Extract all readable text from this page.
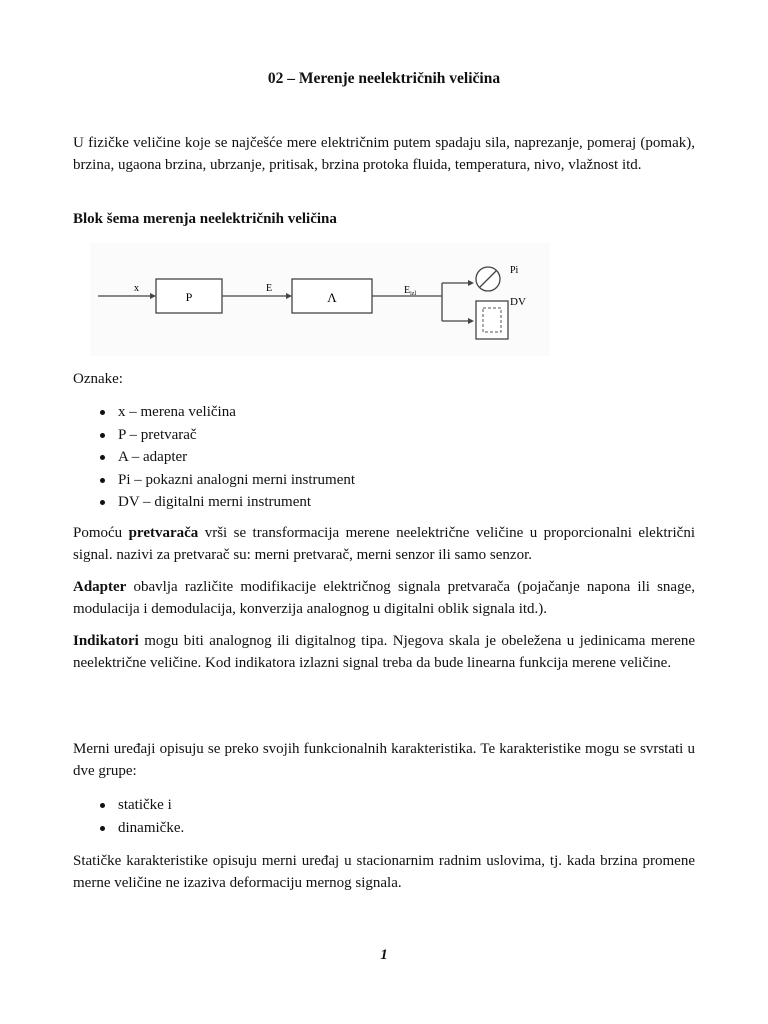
02 – Merenje neelektričnih veličina
U fizičke veličine koje se najčešće mere električnim putem spadaju sila, naprezanje, pomeraj (pomak), brzina, ugaona brzina, ubrzanje, pritisak, brzina protoka fluida, temperatura, nivo, vlažnost itd.
Blok šema merenja neelektričnih veličina
x
P
E
Λ	$E_{izl}$
Pi
DV
Oznake:
x – merena veličina
P – pretvarač
A – adapter
Pi – pokazni analogni merni instrument
DV – digitalni merni instrument
Pomoću pretvarača vrši se transformacija merene neelektrične veličine u proporcionalni električni signal. nazivi za pretvarač su: merni pretvarač, merni senzor ili samo senzor.
Adapter obavlja različite modifikacije električnog signala pretvarača (pojačanje napona ili snage, modulacija i demodulacija, konverzija analognog u digitalni oblik signala itd.).
Indikatori mogu biti analognog ili digitalnog tipa. Njegova skala je obeležena u jedinicama merene neelektrične veličine. Kod indikatora izlazni signal treba da bude linearna funkcija merene veličine.
Merni uređaji opisuju se preko svojih funkcionalnih karakteristika. Te karakteristike mogu se svrstati u dve grupe:
statičke i
dinamičke.
Statičke karakteristike opisuju merni uređaj u stacionarnim radnim uslovima, tj. kada brzina promene merne veličine ne izaziva deformaciju mernog signala.
1
